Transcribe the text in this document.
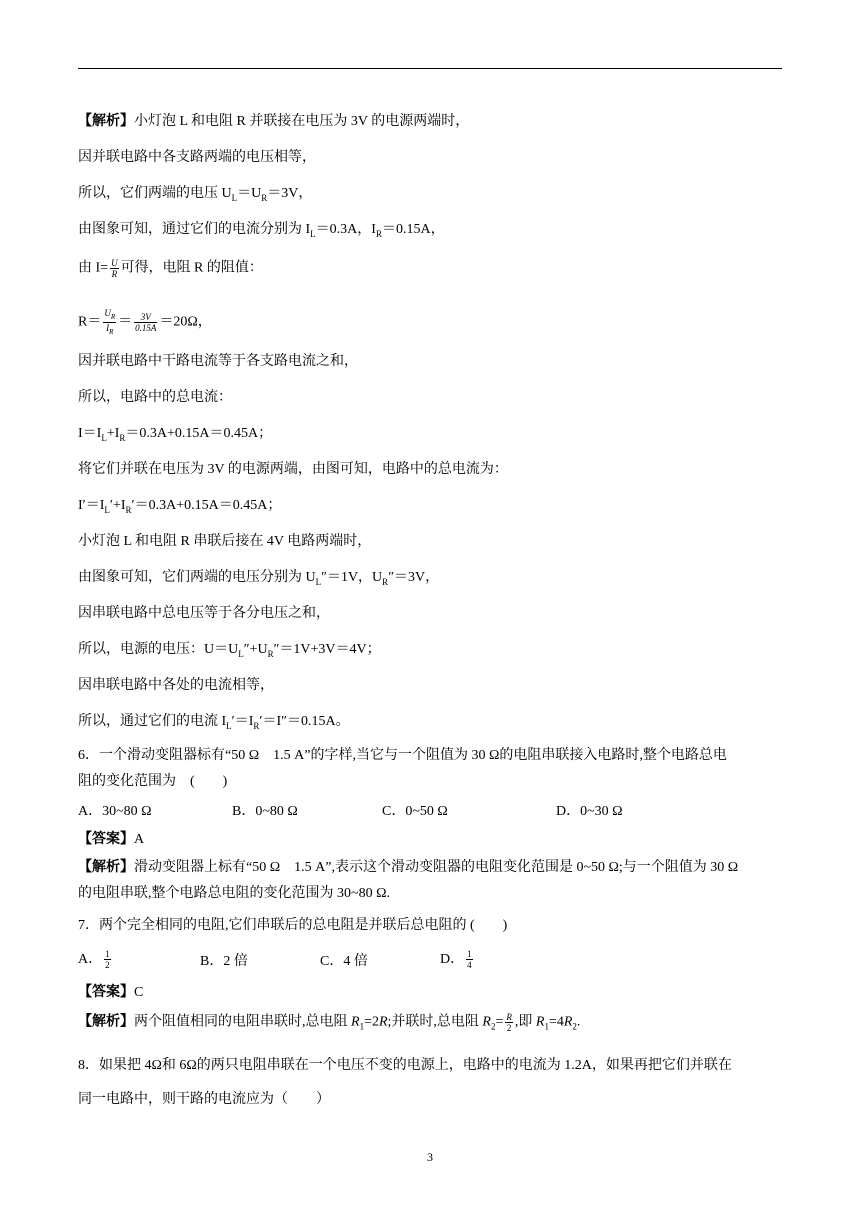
【解析】小灯泡 L 和电阻 R 并联接在电压为 3V 的电源两端时，
因并联电路中各支路两端的电压相等，
所以，它们两端的电压 $U_L=U_R=3V$，
由图象可知，通过它们的电流分别为 $I_L=0.3A$，$I_R=0.15A$，
由 $I= \frac{U}{R}$ 可得，电阻 R 的阻值：
$R= \frac{U_R}{I_R} = \frac{3V}{0.15A} =20\Omega$，
因并联电路中干路电流等于各支路电流之和，
所以，电路中的总电流：
$I=I_L+I_R=0.3A+0.15A=0.45A$；
将它们并联在电压为 3V 的电源两端，由图可知，电路中的总电流为：
$I'=I_L'+I_R'=0.3A+0.15A=0.45A$；
小灯泡 L 和电阻 R 串联后接在 4V 电路两端时，
由图象可知，它们两端的电压分别为 $U_L''=1V$，$U_R''=3V$，
因串联电路中总电压等于各分电压之和，
所以，电源的电压：$U=U_L''+U_R''=1V+3V=4V$；
因串联电路中各处的电流相等，
所以，通过它们的电流 $I_L'=I_R'=I''=0.15A$。
6．一个滑动变阻器标有“50 Ω　1.5 A”的字样,当它与一个阻值为 30 Ω的电阻串联接入电路时,整个电路总电
阻的变化范围为　(　　)
A．30~80 Ω	B．0~80 Ω	C．0~50 Ω	D．0~30 Ω
【答案】A
【解析】滑动变阻器上标有“50 Ω　1.5 A”,表示这个滑动变阻器的电阻变化范围是 0~50 Ω;与一个阻值为 30 Ω
的电阻串联,整个电路总电阻的变化范围为 30~80 Ω.
7．两个完全相同的电阻,它们串联后的总电阻是并联后总电阻的 (　　)
A． $\frac{1}{2}$	B．2 倍	C．4 倍	D． $\frac{1}{4}$
【答案】C
【解析】两个阻值相同的电阻串联时,总电阻 $R_1=2R$;并联时,总电阻 $R_2= \frac{R}{2}$ ,即 $R_1=4R_2$.
8．如果把 4Ω和 6Ω的两只电阻串联在一个电压不变的电源上，电路中的电流为 1.2A，如果再把它们并联在
同一电路中，则干路的电流应为（　　）
3
